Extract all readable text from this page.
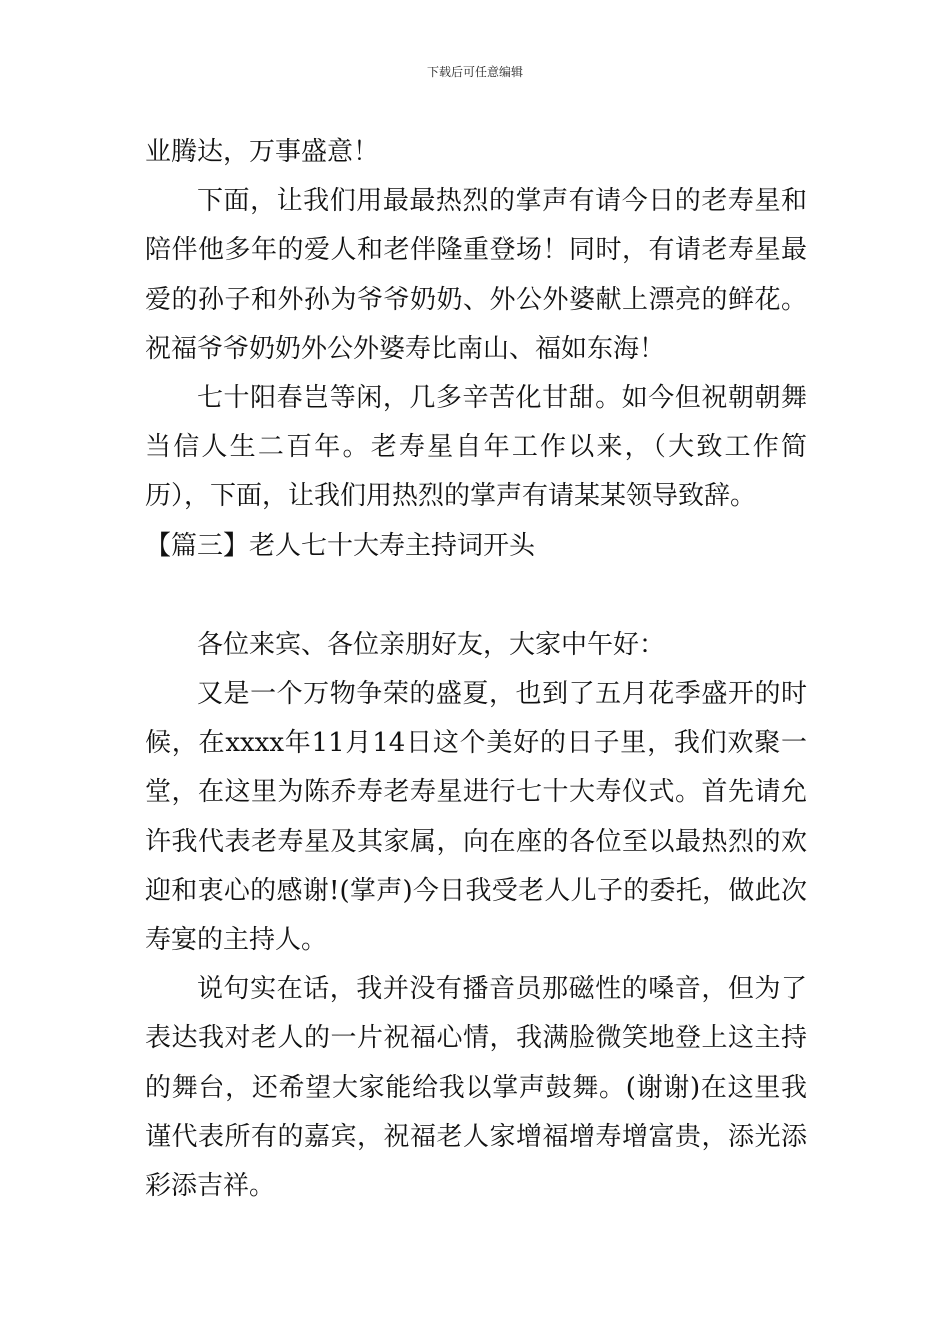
下载后可任意编辑

业腾达，万事盛意！

下面，让我们用最最热烈的掌声有请今日的老寿星和陪伴他多年的爱人和老伴隆重登场！同时，有请老寿星最爱的孙子和外孙为爷爷奶奶、外公外婆献上漂亮的鲜花。祝福爷爷奶奶外公外婆寿比南山、福如东海！

七十阳春岂等闲，几多辛苦化甘甜。如今但祝朝朝舞当信人生二百年。老寿星自年工作以来，（大致工作简历），下面，让我们用热烈的掌声有请某某领导致辞。

【篇三】老人七十大寿主持词开头

各位来宾、各位亲朋好友，大家中午好：

又是一个万物争荣的盛夏，也到了五月花季盛开的时候，在xxxx年11月14日这个美好的日子里，我们欢聚一堂，在这里为陈乔寿老寿星进行七十大寿仪式。首先请允许我代表老寿星及其家属，向在座的各位至以最热烈的欢迎和衷心的感谢!(掌声)今日我受老人儿子的委托，做此次寿宴的主持人。

说句实在话，我并没有播音员那磁性的嗓音，但为了表达我对老人的一片祝福心情，我满脸微笑地登上这主持的舞台，还希望大家能给我以掌声鼓舞。(谢谢)在这里我谨代表所有的嘉宾，祝福老人家增福增寿增富贵，添光添彩添吉祥。
